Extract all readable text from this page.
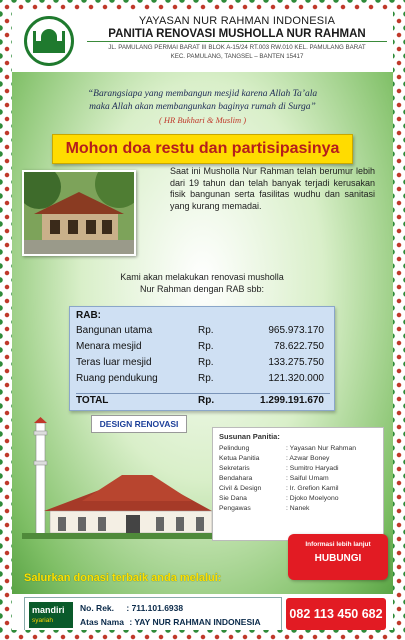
YAYASAN NUR RAHMAN INDONESIA
PANITIA RENOVASI MUSHOLLA NUR RAHMAN
JL. PAMULANG PERMAI BARAT III BLOK A-15/24 RT.003 RW.010 KEL. PAMULANG BARAT
KEC. PAMULANG, TANGSEL – BANTEN 15417
“Barangsiapa yang membangun mesjid karena Allah Ta’ala
maka Allah akan membangunkan baginya rumah di Surga”
( HR Bukhari & Muslim )
Mohon doa restu dan partisipasinya
Saat ini Musholla Nur Rahman telah berumur lebih dari 19 tahun dan telah banyak terjadi kerusakan fisik bangunan serta fasilitas wudhu dan sanitasi yang kurang memadai.
Kami akan melakukan renovasi musholla
Nur Rahman dengan RAB sbb:
RAB:
Bangunan utama	Rp.	965.973.170
Menara mesjid	Rp.	78.622.750
Teras luar mesjid	Rp.	133.275.750
Ruang pendukung	Rp.	121.320.000
TOTAL	Rp.	1.299.191.670
DESIGN RENOVASI
Susunan Panitia:
Pelindung	: Yayasan Nur Rahman
Ketua Panitia	: Azwar Boney
Sekretaris	: Sumitro Haryadi
Bendahara	: Saiful Umam
Civil & Design	: Ir. Grefion Kamil
Sie Dana	: Djoko Moelyono
Pengawas	: Nanek
Informasi lebih lanjut
HUBUNGI
Salurkan donasi terbaik anda melalui:
mandiri
syariah
No. Rek. : 711.101.6938
Atas Nama : YAY NUR RAHMAN INDONESIA
082 113 450 682
